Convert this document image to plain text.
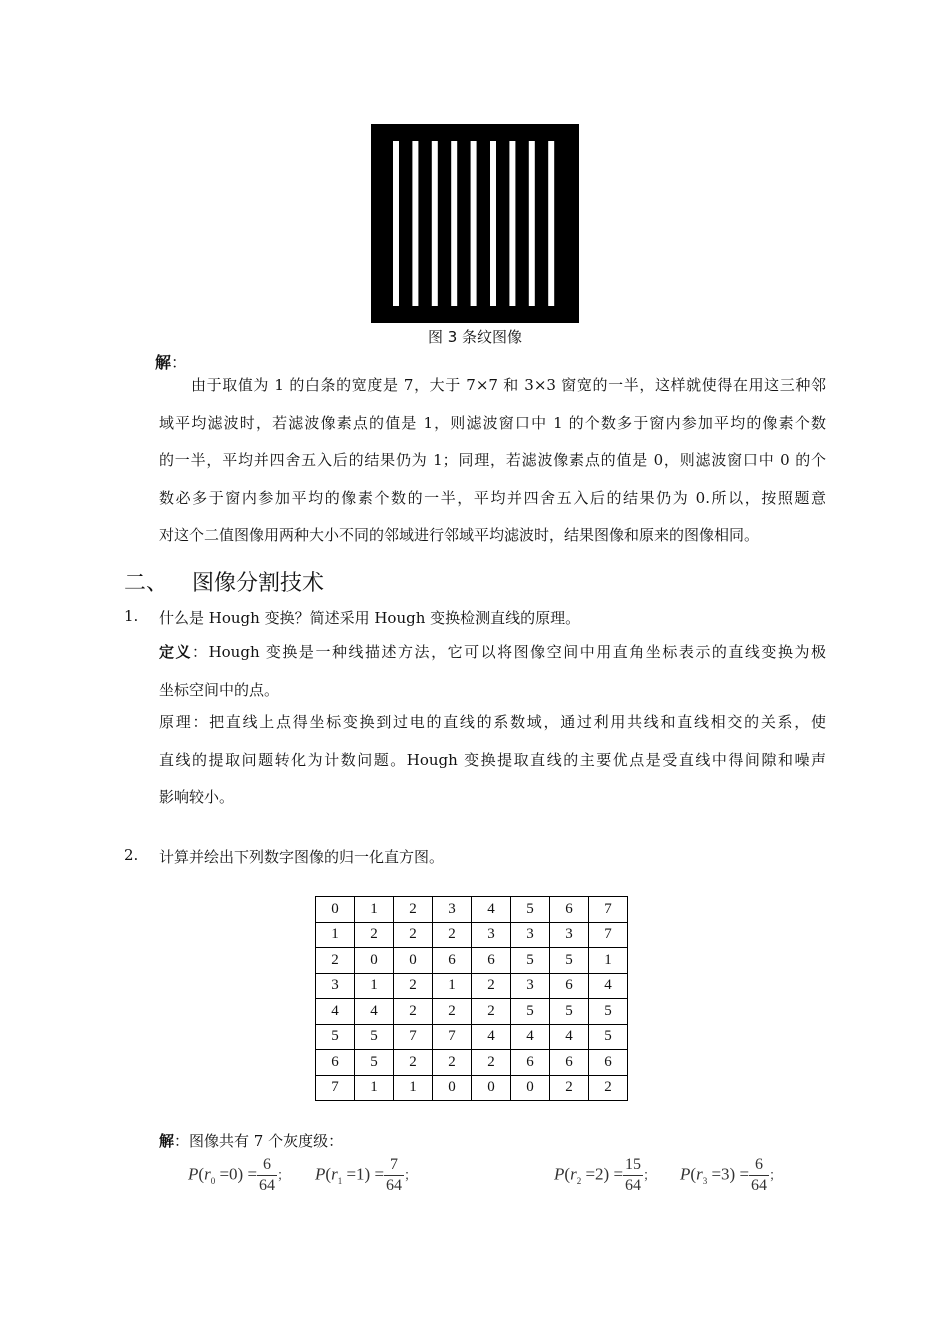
图 3 条纹图像
解：
由于取值为 1 的白条的宽度是 7，大于 7×7 和 3×3 窗宽的一半，这样就使得在用这三种邻
域平均滤波时，若滤波像素点的值是 1，则滤波窗口中 1 的个数多于窗内参加平均的像素个数
的一半，平均并四舍五入后的结果仍为 1；同理，若滤波像素点的值是 0，则滤波窗口中 0 的个
数必多于窗内参加平均的像素个数的一半，平均并四舍五入后的结果仍为 0.所以，按照题意
对这个二值图像用两种大小不同的邻域进行邻域平均滤波时，结果图像和原来的图像相同。
二、 图像分割技术
1. 什么是 Hough 变换？简述采用 Hough 变换检测直线的原理。
定义：Hough 变换是一种线描述方法，它可以将图像空间中用直角坐标表示的直线变换为极
坐标空间中的点。
原理：把直线上点得坐标变换到过电的直线的系数域，通过利用共线和直线相交的关系，使
直线的提取问题转化为计数问题。Hough 变换提取直线的主要优点是受直线中得间隙和噪声
影响较小。
2. 计算并绘出下列数字图像的归一化直方图。
0	1	2	3	4	5	6	7
1	2	2	2	3	3	3	7
2	0	0	6	6	5	5	1
3	1	2	1	2	3	6	4
4	4	2	2	2	5	5	5
5	5	7	7	4	4	4	5
6	5	2	2	2	6	6	6
7	1	1	0	0	0	2	2
解：图像共有 7 个灰度级：
$P(r_0 =0) = \frac{6}{64}$ ； $P(r_1 =1) = \frac{7}{64}$ ；	$P(r_2 =2) = \frac{15}{64}$ ； $P(r_3 =3) = \frac{6}{64}$ ；
